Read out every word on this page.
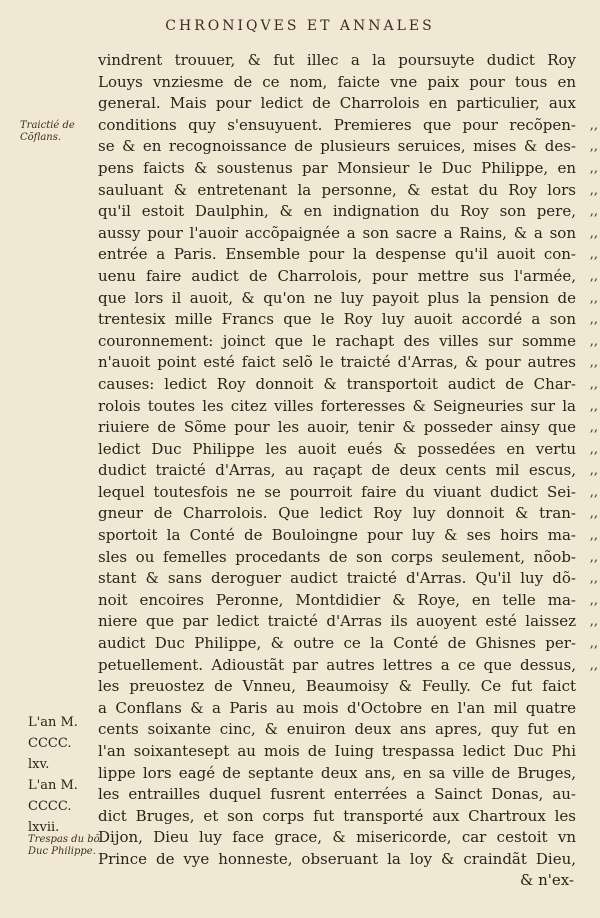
CHRONIQVES ET ANNALES
vindrent trouuer, & fut illec a la poursuyte dudict Roy
Louys vnziesme de ce nom, faicte vne paix pour tous en
general. Mais pour ledict de Charrolois en particulier, aux
conditions quy s'ensuyuent. Premieres que pour recõpen- ,,
se & en recognoissance de plusieurs seruices, mises & des- ,,
pens faicts & soustenus par Monsieur le Duc Philippe, en ,,
sauluant & entretenant la personne, & estat du Roy lors ,,
qu'il estoit Daulphin, & en indignation du Roy son pere, ,,
aussy pour l'auoir accõpaignée a son sacre a Rains, & a son ,,
entrée a Paris. Ensemble pour la despense qu'il auoit con- ,,
uenu faire audict de Charrolois, pour mettre sus l'armée, ,,
que lors il auoit, & qu'on ne luy payoit plus la pension de ,,
trentesix mille Francs que le Roy luy auoit accordé a son ,,
couronnement: joinct que le rachapt des villes sur somme ,,
n'auoit point esté faict selõ le traicté d'Arras, & pour autres ,,
causes: ledict Roy donnoit & transportoit audict de Char- ,,
rolois toutes les citez villes forteresses & Seigneuries sur la ,,
riuiere de Sõme pour les auoir, tenir & posseder ainsy que ,,
ledict Duc Philippe les auoit eués & possedées en vertu ,,
dudict traicté d'Arras, au raçapt de deux cents mil escus, ,,
lequel toutesfois ne se pourroit faire du viuant dudict Sei- ,,
gneur de Charrolois. Que ledict Roy luy donnoit & tran- ,,
sportoit la Conté de Bouloingne pour luy & ses hoirs ma- ,,
sles ou femelles procedants de son corps seulement, nõob- ,,
stant & sans deroguer audict traicté d'Arras. Qu'il luy dõ- ,,
noit encoires Peronne, Montdidier & Roye, en telle ma- ,,
niere que par ledict traicté d'Arras ils auoyent esté laissez ,,
audict Duc Philippe, & outre ce la Conté de Ghisnes per- ,,
petuellement. Adioustãt par autres lettres a ce que dessus, ,,
les preuostez de Vnneu, Beaumoisy & Feully. Ce fut faict
a Conflans & a Paris au mois d'Octobre en l'an mil quatre
cents soixante cinc, & enuiron deux ans apres, quy fut en
l'an soixantesept au mois de Iuing trespassa ledict Duc Phi
lippe lors eagé de septante deux ans, en sa ville de Bruges,
les entrailles duquel fusrent enterrées a Sainct Donas, au-
dict Bruges, et son corps fut transporté aux Chartroux les
Dijon, Dieu luy face grace, & misericorde, car cestoit vn
Prince de vye honneste, obseruant la loy & craindãt Dieu,
Traictié de Cõflans.
L'an M.
CCCC.
lxv.
L'an M.
CCCC.
lxvii.
Trespas du bõ Duc Philippe.
& n'ex-
